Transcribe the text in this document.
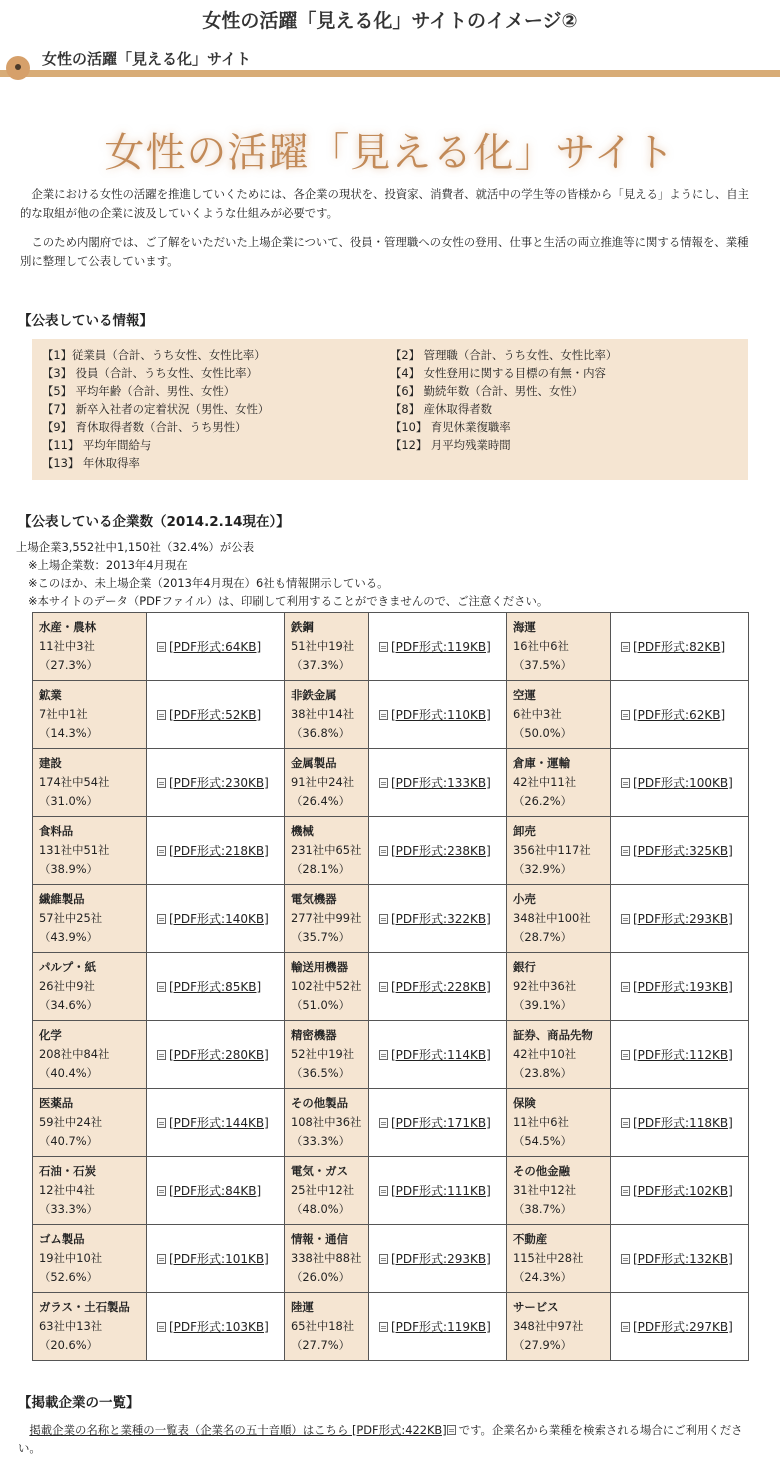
女性の活躍「見える化」サイトのイメージ②
女性の活躍「見える化」サイト
女性の活躍「見える化」サイト

企業における女性の活躍を推進していくためには、各企業の現状を、投資家、消費者、就活中の学生等の皆様から「見える」ようにし、自主的な取組が他の企業に波及していくような仕組みが必要です。

このため内閣府では、ご了解をいただいた上場企業について、役員・管理職への女性の登用、仕事と生活の両立推進等に関する情報を、業種別に整理して公表しています。

【公表している情報】
【1】従業員（合計、うち女性、女性比率）	【2】 管理職（合計、うち女性、女性比率）
【3】 役員（合計、うち女性、女性比率）	【4】 女性登用に関する目標の有無・内容
【5】 平均年齢（合計、男性、女性）	【6】 勤続年数（合計、男性、女性）
【7】 新卒入社者の定着状況（男性、女性）	【8】 産休取得者数
【9】 育休取得者数（合計、うち男性）	【10】 育児休業復職率
【11】 平均年間給与	【12】 月平均残業時間
【13】 年休取得率
【公表している企業数（2014.2.14現在）】
上場企業3,552社中1,150社（32.4%）が公表
※上場企業数：2013年4月現在
※このほか、未上場企業（2013年4月現在）6社も情報開示している。
※本サイトのデータ（PDFファイル）は、印刷して利用することができませんので、ご注意ください。
水産・農林
11社中3社
（27.3%）	[PDF形式:64KB]	鉄鋼
51社中19社
（37.3%）	[PDF形式:119KB]	海運
16社中6社
（37.5%）	[PDF形式:82KB]

鉱業
7社中1社
（14.3%）	[PDF形式:52KB]	非鉄金属
38社中14社
（36.8%）	[PDF形式:110KB]	空運
6社中3社
（50.0%）	[PDF形式:62KB]

建設
174社中54社
（31.0%）	[PDF形式:230KB]	金属製品
91社中24社
（26.4%）	[PDF形式:133KB]	倉庫・運輸
42社中11社
（26.2%）	[PDF形式:100KB]

食料品
131社中51社
（38.9%）	[PDF形式:218KB]	機械
231社中65社
（28.1%）	[PDF形式:238KB]	卸売
356社中117社
（32.9%）	[PDF形式:325KB]

繊維製品
57社中25社
（43.9%）	[PDF形式:140KB]	電気機器
277社中99社
（35.7%）	[PDF形式:322KB]	小売
348社中100社
（28.7%）	[PDF形式:293KB]

パルプ・紙
26社中9社
（34.6%）	[PDF形式:85KB]	輸送用機器
102社中52社
（51.0%）	[PDF形式:228KB]	銀行
92社中36社
（39.1%）	[PDF形式:193KB]

化学
208社中84社
（40.4%）	[PDF形式:280KB]	精密機器
52社中19社
（36.5%）	[PDF形式:114KB]	証券、商品先物
42社中10社
（23.8%）	[PDF形式:112KB]

医薬品
59社中24社
（40.7%）	[PDF形式:144KB]	その他製品
108社中36社
（33.3%）	[PDF形式:171KB]	保険
11社中6社
（54.5%）	[PDF形式:118KB]

石油・石炭
12社中4社
（33.3%）	[PDF形式:84KB]	電気・ガス
25社中12社
（48.0%）	[PDF形式:111KB]	その他金融
31社中12社
（38.7%）	[PDF形式:102KB]

ゴム製品
19社中10社
（52.6%）	[PDF形式:101KB]	情報・通信
338社中88社
（26.0%）	[PDF形式:293KB]	不動産
115社中28社
（24.3%）	[PDF形式:132KB]

ガラス・土石製品
63社中13社
（20.6%）	[PDF形式:103KB]	陸運
65社中18社
（27.7%）	[PDF形式:119KB]	サービス
348社中97社
（27.9%）	[PDF形式:297KB]
【掲載企業の一覧】
掲載企業の名称と業種の一覧表（企業名の五十音順）はこちら [PDF形式:422KB] です。企業名から業種を検索される場合にご利用ください。
